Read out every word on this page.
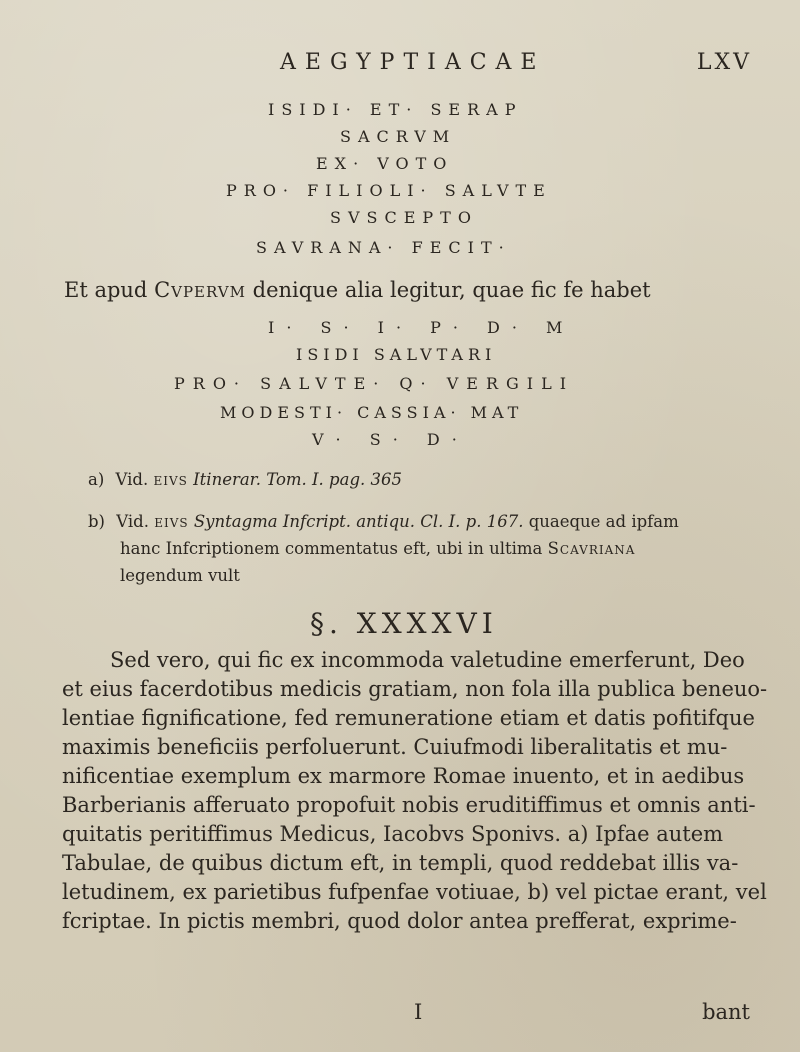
AEGYPTIACAE	LXV
ISIDI· ET· SERAP
SACRVM
EX· VOTO
PRO· FILIOLI· SALVTE
SVSCEPTO
SAVRANA· FECIT·
Et apud Cvpervm denique alia legitur, quae fic fe habet
I· S· I· P· D· M
ISIDI SALVTARI
PRO· SALVTE· Q· VERGILI
MODESTI· CASSIA· MAT
V· S· D·
a) Vid. eivs Itinerar. Tom. I. pag. 365
b) Vid. eivs Syntagma Infcript. antiqu. Cl. I. p. 167. quaeque ad ipfam
hanc Infcriptionem commentatus eft, ubi in ultima Scavriana
legendum vult
§. XXXXVI
Sed vero, qui fic ex incommoda valetudine emerferunt, Deo
et eius facerdotibus medicis gratiam, non fola illa publica beneuo-
lentiae fignificatione, fed remuneratione etiam et datis pofitifque
maximis beneficiis perfoluerunt. Cuiufmodi liberalitatis et mu-
nificentiae exemplum ex marmore Romae inuento, et in aedibus
Barberianis afferuato propofuit nobis eruditiffimus et omnis anti-
quitatis peritiffimus Medicus, Iacobvs Sponivs. a) Ipfae autem
Tabulae, de quibus dictum eft, in templi, quod reddebat illis va-
letudinem, ex parietibus fufpenfae votiuae, b) vel pictae erant, vel
fcriptae. In pictis membri, quod dolor antea prefferat, exprime-
I	bant
